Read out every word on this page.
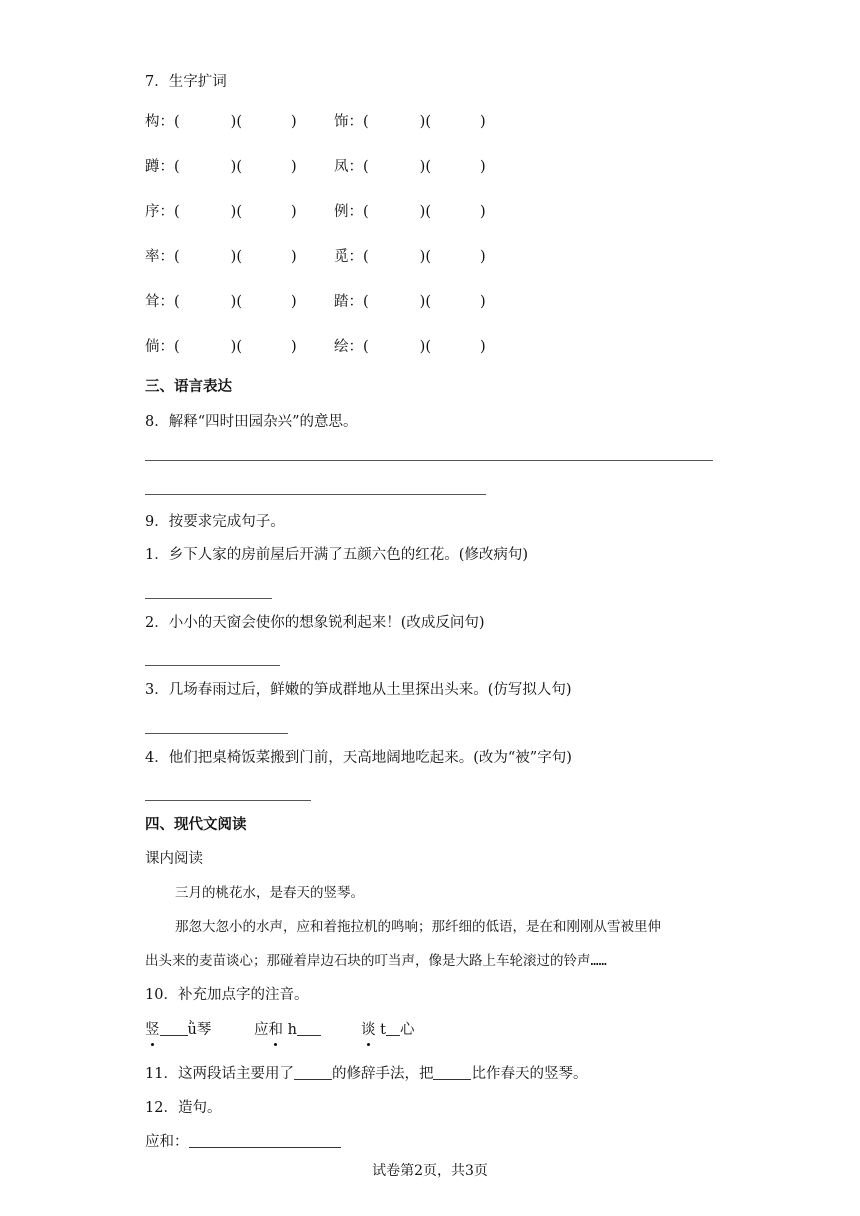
7．生字扩词
构：(	)(	)	饰：(	)(	)
蹲：(	)(	)	凤：(	)(	)
序：(	)(	)	例：(	)(	)
率：(	)(	)	觅：(	)(	)
耸：(	)(	)	踏：(	)(	)
倘：(	)(	)	绘：(	)(	)
三、语言表达
8．解释“四时田园杂兴”的意思。
9．按要求完成句子。
1．乡下人家的房前屋后开满了五颜六色的红花。(修改病句)
2．小小的天窗会使你的想象锐利起来！(改成反问句)
3．几场春雨过后，鲜嫩的笋成群地从土里探出头来。(仿写拟人句)
4．他们把桌椅饭菜搬到门前，天高地阔地吃起来。(改为“被”字句)
四、现代文阅读
课内阅读
三月的桃花水，是春天的竖琴。
那忽大忽小的水声，应和着拖拉机的鸣响；那纤细的低语，是在和刚刚从雪被里伸
出头来的麦苗谈心；那碰着岸边石块的叮当声，像是大路上车轮滚过的铃声……
10．补充加点字的注音。
竖 ǜ琴	应和 h	谈 t 心
11．这两段话主要用了	的修辞手法，把	比作春天的竖琴。
12．造句。
应和：
试卷第2页，共3页
